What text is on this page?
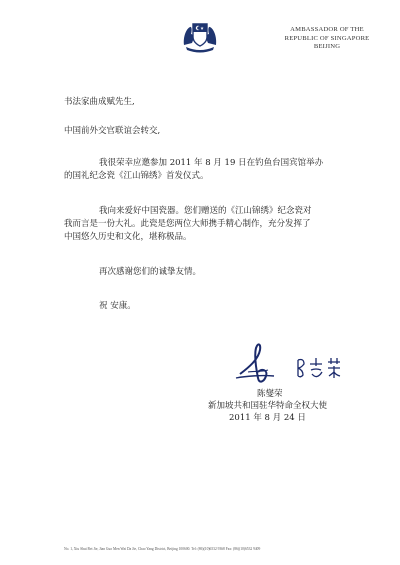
AMBASSADOR OF THE
REPUBLIC OF SINGAPORE
BEIJING
书法家曲成赋先生,
中国前外交官联谊会转交,
我很荣幸应邀参加 2011 年 8 月 19 日在钓鱼台国宾馆举办
的国礼纪念瓷《江山锦绣》首发仪式。
我向来爱好中国瓷器。您们赠送的《江山锦绣》纪念瓷对
我而言是一份大礼。此瓷是您两位大师携手精心制作，充分发挥了
中国悠久历史和文化，堪称极品。
再次感谢您们的诚挚友情。
祝 安康。
陈燮荣
新加坡共和国驻华特命全权大使
2011 年 8 月 24 日
No. 1, Xiu Shui Bei Jie, Jian Guo Men Wai Da Jie, Chao Yang District, Beijing 100600. Tel: (86)(10)6532 9368 Fax: (86)(10)6532 9409
